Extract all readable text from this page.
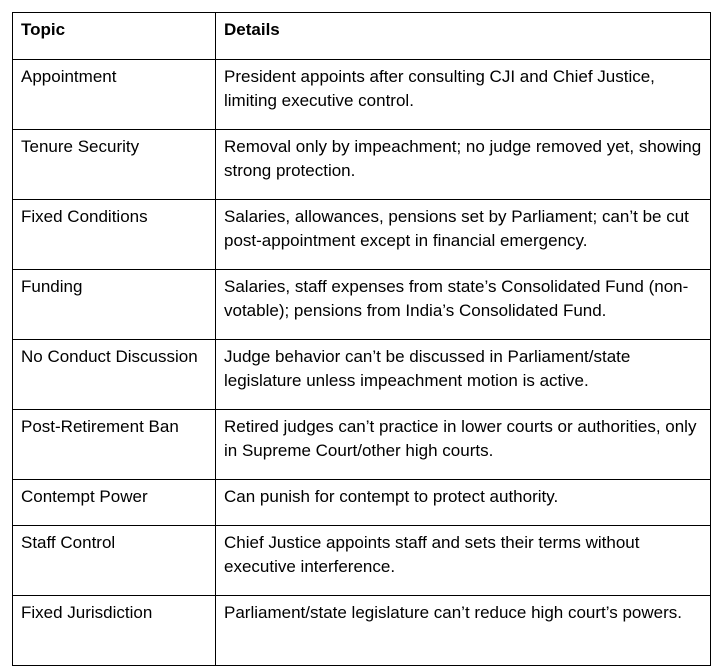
Topic	Details
Appointment	President appoints after consulting CJI and Chief Justice, limiting executive control.
Tenure Security	Removal only by impeachment; no judge removed yet, showing strong protection.
Fixed Conditions	Salaries, allowances, pensions set by Parliament; can’t be cut post-appointment except in financial emergency.
Funding	Salaries, staff expenses from state’s Consolidated Fund (non-votable); pensions from India’s Consolidated Fund.
No Conduct Discussion	Judge behavior can’t be discussed in Parliament/state legislature unless impeachment motion is active.
Post-Retirement Ban	Retired judges can’t practice in lower courts or authorities, only in Supreme Court/other high courts.
Contempt Power	Can punish for contempt to protect authority.
Staff Control	Chief Justice appoints staff and sets their terms without executive interference.
Fixed Jurisdiction	Parliament/state legislature can’t reduce high court’s powers.
